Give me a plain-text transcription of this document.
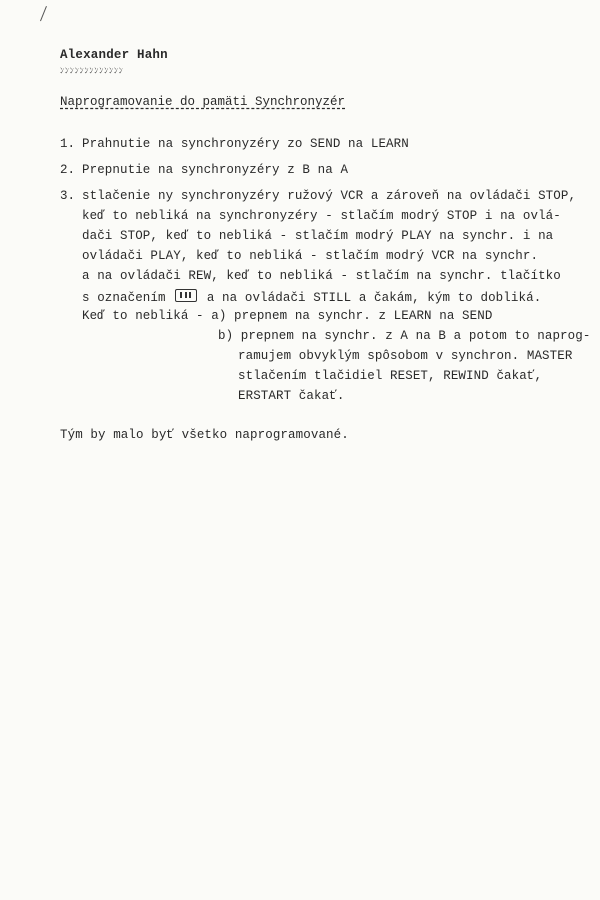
Alexander Hahn
ﾝﾝﾝﾝﾝﾝﾝﾝﾝﾝﾝﾝﾝ
Naprogramovanie do pamäti Synchronyzér
1. Prahnutie na synchronyzéry zo SEND na LEARN
2. Prepnutie na synchronyzéry z B na A
3. stlačenie ny synchronyzéry ružový VCR a zároveň na ovládači STOP,
keď to nebliká na synchronyzéry - stlačím modrý STOP i na ovlá-
dači STOP, keď to nebliká - stlačím modrý PLAY na synchr. i na
ovládači PLAY, keď to nebliká - stlačím modrý VCR na synchr.
a na ovládači REW, keď to nebliká - stlačím na synchr. tlačítko
s označením	a na ovládači STILL a čakám, kým to dobliká.
Keď to nebliká - a) prepnem na synchr. z LEARN na SEND
b) prepnem na synchr. z A na B a potom to naprog-
ramujem obvyklým spôsobom v synchron. MASTER
stlačením tlačidiel RESET, REWIND čakať,
ERSTART čakať.
Tým by malo byť všetko naprogramované.
